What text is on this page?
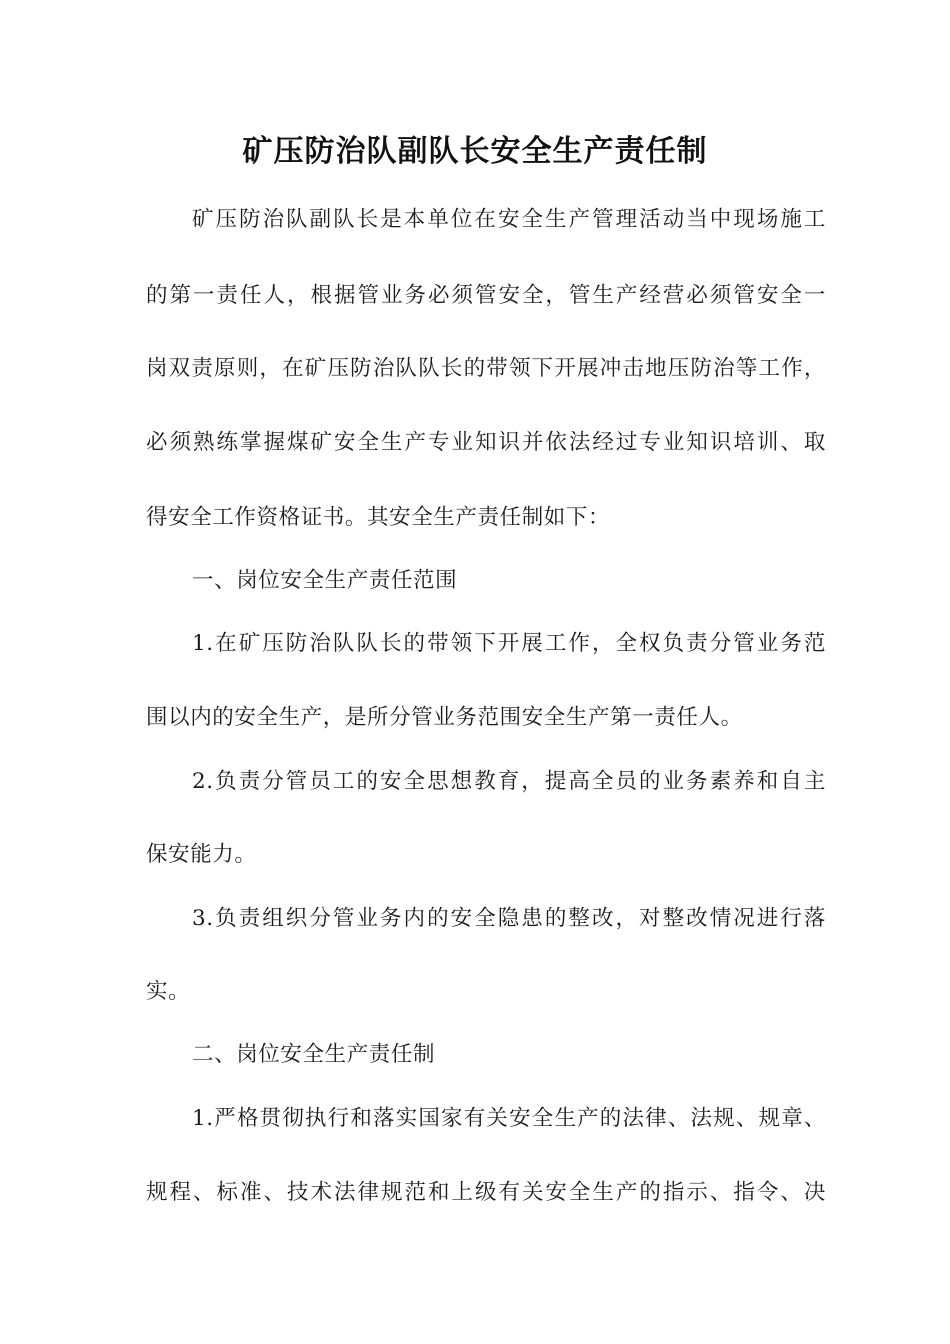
矿压防治队副队长安全生产责任制
矿压防治队副队长是本单位在安全生产管理活动当中现场施工
的第一责任人，根据管业务必须管安全，管生产经营必须管安全一
岗双责原则，在矿压防治队队长的带领下开展冲击地压防治等工作，
必须熟练掌握煤矿安全生产专业知识并依法经过专业知识培训、取
得安全工作资格证书。其安全生产责任制如下：
一、岗位安全生产责任范围
1.在矿压防治队队长的带领下开展工作，全权负责分管业务范
围以内的安全生产，是所分管业务范围安全生产第一责任人。
2.负责分管员工的安全思想教育，提高全员的业务素养和自主
保安能力。
3.负责组织分管业务内的安全隐患的整改，对整改情况进行落
实。
二、岗位安全生产责任制
1.严格贯彻执行和落实国家有关安全生产的法律、法规、规章、
规程、标准、技术法律规范和上级有关安全生产的指示、指令、决
